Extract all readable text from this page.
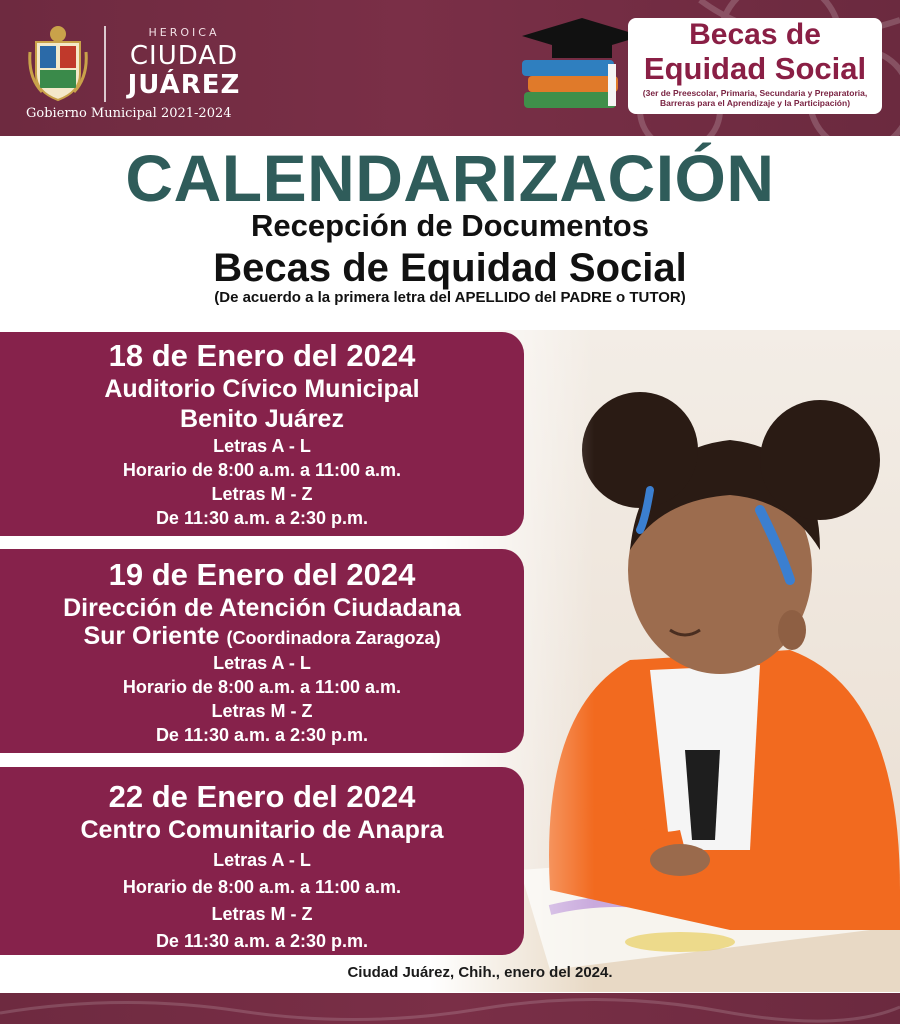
HEROICA
CIUDAD
JUÁREZ
Gobierno Municipal 2021-2024
Becas de
Equidad Social
(3er de Preescolar, Primaria, Secundaria y Preparatoria,
Barreras para el Aprendizaje y la Participación)
CALENDARIZACIÓN
Recepción de Documentos
Becas de Equidad Social
(De acuerdo a la primera letra del APELLIDO del PADRE o TUTOR)
18 de Enero del 2024
Auditorio Cívico Municipal
Benito Juárez
Letras A - L
Horario de 8:00 a.m. a 11:00 a.m.
Letras M - Z
De 11:30 a.m. a 2:30 p.m.
19 de Enero del 2024
Dirección de Atención Ciudadana
Sur Oriente (Coordinadora Zaragoza)
Letras A - L
Horario de 8:00 a.m. a 11:00 a.m.
Letras M - Z
De 11:30 a.m. a 2:30 p.m.
22 de Enero del 2024
Centro Comunitario de Anapra
Letras A - L
Horario de 8:00 a.m. a 11:00 a.m.
Letras M - Z
De 11:30 a.m. a 2:30 p.m.
Ciudad Juárez, Chih., enero del 2024.
